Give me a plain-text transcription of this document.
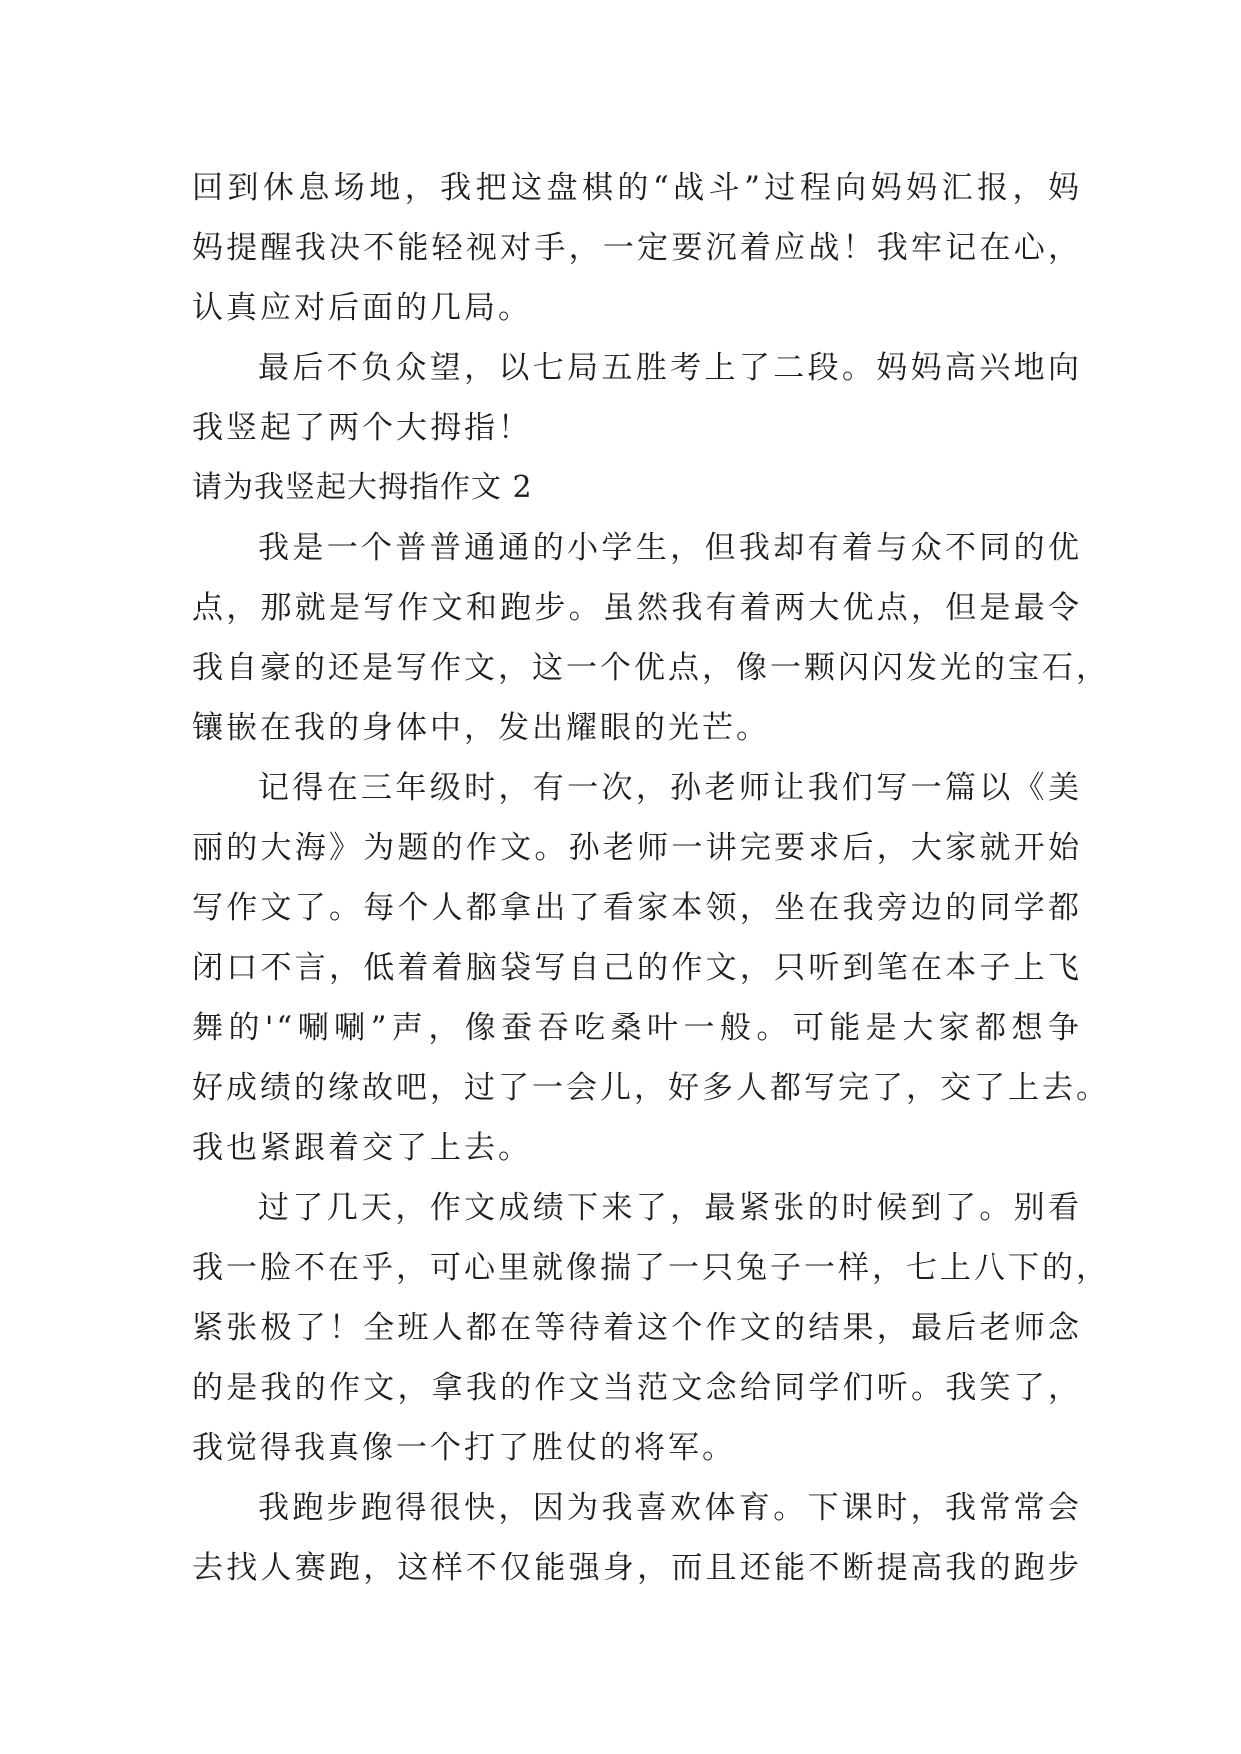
回到休息场地，我把这盘棋的“战斗”过程向妈妈汇报，妈
妈提醒我决不能轻视对手，一定要沉着应战！我牢记在心，
认真应对后面的几局。

最后不负众望，以七局五胜考上了二段。妈妈高兴地向
我竖起了两个大拇指！

请为我竖起大拇指作文 2

我是一个普普通通的小学生，但我却有着与众不同的优
点，那就是写作文和跑步。虽然我有着两大优点，但是最令
我自豪的还是写作文，这一个优点，像一颗闪闪发光的宝石，
镶嵌在我的身体中，发出耀眼的光芒。

记得在三年级时，有一次，孙老师让我们写一篇以《美
丽的大海》为题的作文。孙老师一讲完要求后，大家就开始
写作文了。每个人都拿出了看家本领，坐在我旁边的同学都
闭口不言，低着着脑袋写自己的作文，只听到笔在本子上飞
舞的'“唰唰”声，像蚕吞吃桑叶一般。可能是大家都想争
好成绩的缘故吧，过了一会儿，好多人都写完了，交了上去。
我也紧跟着交了上去。

过了几天，作文成绩下来了，最紧张的时候到了。别看
我一脸不在乎，可心里就像揣了一只兔子一样，七上八下的，
紧张极了！全班人都在等待着这个作文的结果，最后老师念
的是我的作文，拿我的作文当范文念给同学们听。我笑了，
我觉得我真像一个打了胜仗的将军。

我跑步跑得很快，因为我喜欢体育。下课时，我常常会
去找人赛跑，这样不仅能强身，而且还能不断提高我的跑步
